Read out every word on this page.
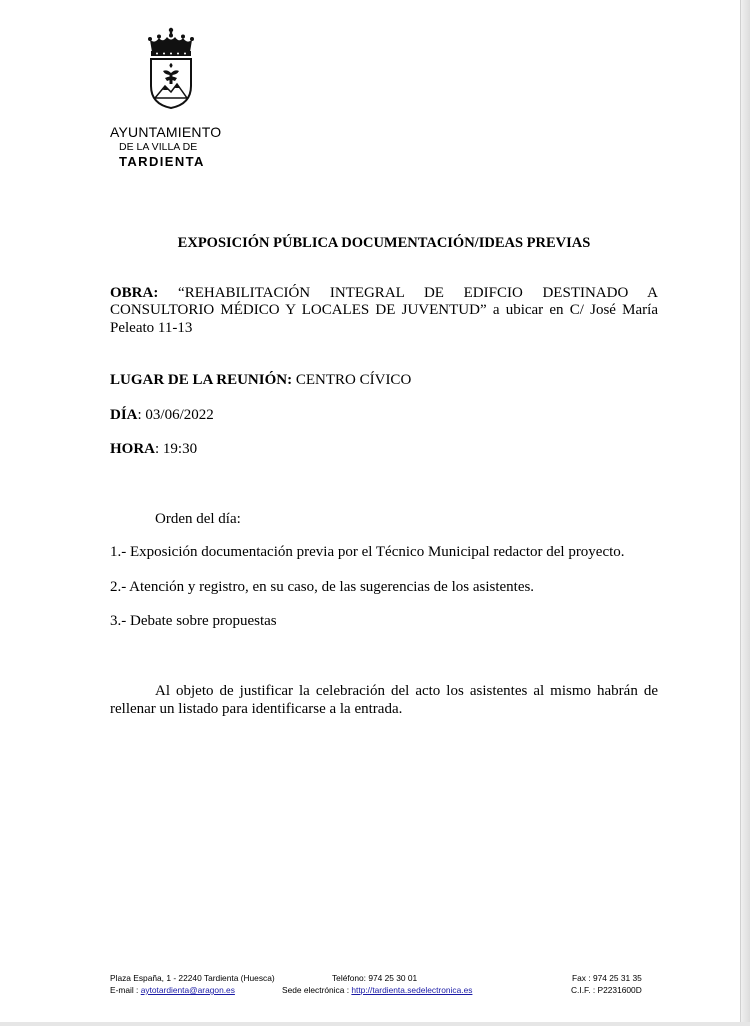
AYUNTAMIENTO
DE LA VILLA DE
TARDIENTA
EXPOSICIÓN PÚBLICA DOCUMENTACIÓN/IDEAS PREVIAS
OBRA: “REHABILITACIÓN INTEGRAL DE EDIFCIO DESTINADO A CONSULTORIO MÉDICO Y LOCALES DE JUVENTUD” a ubicar en C/ José María Peleato 11-13
LUGAR DE LA REUNIÓN: CENTRO CÍVICO
DÍA: 03/06/2022
HORA: 19:30
Orden del día:
1.- Exposición documentación previa por el Técnico Municipal redactor del proyecto.
2.- Atención y registro, en su caso, de las sugerencias de los asistentes.
3.- Debate sobre propuestas
Al objeto de justificar la celebración del acto los asistentes al mismo habrán de rellenar un listado para identificarse a la entrada.
Plaza España, 1 - 22240 Tardienta (Huesca)	Teléfono: 974 25 30 01	Fax : 974 25 31 35
E-mail : aytotardienta@aragon.es	Sede electrónica : http://tardienta.sedelectronica.es	C.I.F. : P2231600D
